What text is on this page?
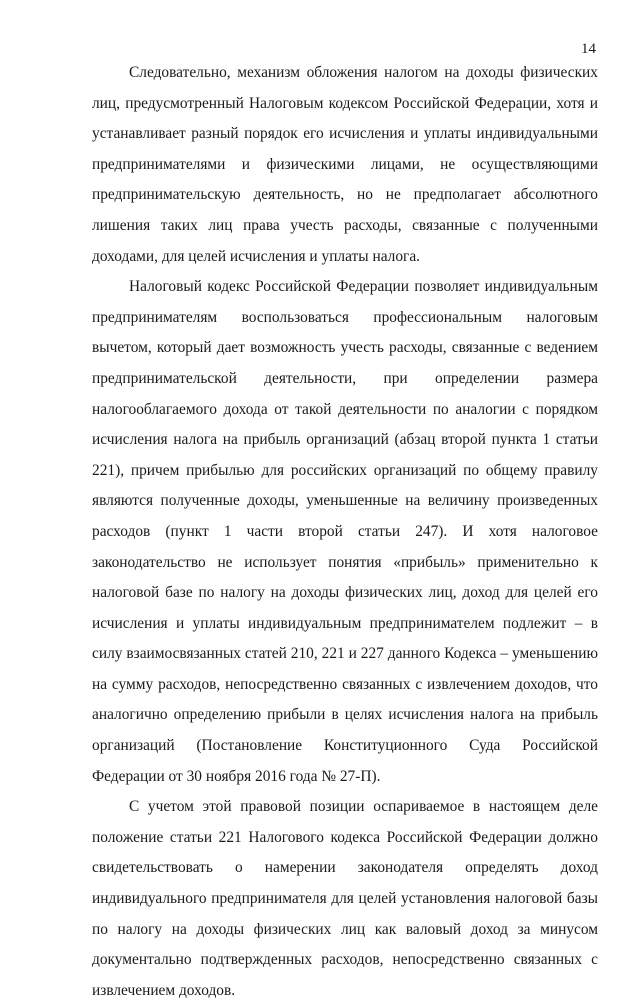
14

Следовательно, механизм обложения налогом на доходы физических лиц, предусмотренный Налоговым кодексом Российской Федерации, хотя и устанавливает разный порядок его исчисления и уплаты индивидуальными предпринимателями и физическими лицами, не осуществляющими предпринимательскую деятельность, но не предполагает абсолютного лишения таких лиц права учесть расходы, связанные с полученными доходами, для целей исчисления и уплаты налога.

Налоговый кодекс Российской Федерации позволяет индивидуальным предпринимателям воспользоваться профессиональным налоговым вычетом, который дает возможность учесть расходы, связанные с ведением предпринимательской деятельности, при определении размера налогооблагаемого дохода от такой деятельности по аналогии с порядком исчисления налога на прибыль организаций (абзац второй пункта 1 статьи 221), причем прибылью для российских организаций по общему правилу являются полученные доходы, уменьшенные на величину произведенных расходов (пункт 1 части второй статьи 247). И хотя налоговое законодательство не использует понятия «прибыль» применительно к налоговой базе по налогу на доходы физических лиц, доход для целей его исчисления и уплаты индивидуальным предпринимателем подлежит – в силу взаимосвязанных статей 210, 221 и 227 данного Кодекса – уменьшению на сумму расходов, непосредственно связанных с извлечением доходов, что аналогично определению прибыли в целях исчисления налога на прибыль организаций (Постановление Конституционного Суда Российской Федерации от 30 ноября 2016 года № 27-П).

С учетом этой правовой позиции оспариваемое в настоящем деле положение статьи 221 Налогового кодекса Российской Федерации должно свидетельствовать о намерении законодателя определять доход индивидуального предпринимателя для целей установления налоговой базы по налогу на доходы физических лиц как валовый доход за минусом документально подтвержденных расходов, непосредственно связанных с извлечением доходов.
